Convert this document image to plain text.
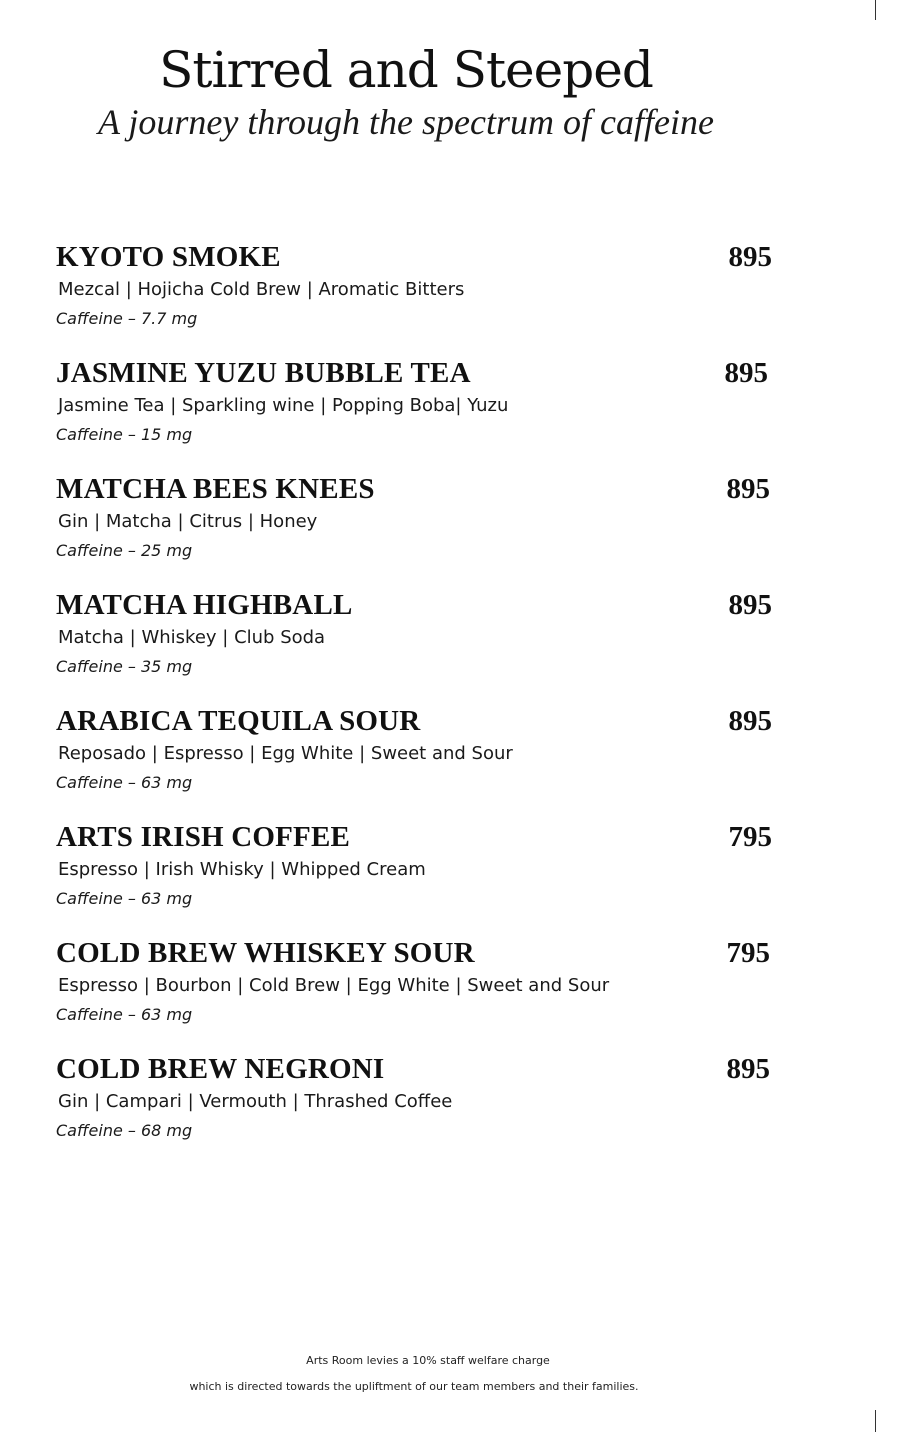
Stirred and Steeped

A journey through the spectrum of caffeine

KYOTO SMOKE	895
Mezcal | Hojicha Cold Brew | Aromatic Bitters
Caffeine – 7.7 mg
JASMINE YUZU BUBBLE TEA	895
Jasmine Tea | Sparkling wine | Popping Boba| Yuzu
Caffeine – 15 mg
MATCHA BEES KNEES	895
Gin | Matcha | Citrus | Honey
Caffeine – 25 mg
MATCHA HIGHBALL	895
Matcha | Whiskey | Club Soda
Caffeine – 35 mg
ARABICA TEQUILA SOUR	895
Reposado | Espresso | Egg White | Sweet and Sour
Caffeine – 63 mg
ARTS IRISH COFFEE	795
Espresso | Irish Whisky | Whipped Cream
Caffeine – 63 mg
COLD BREW WHISKEY SOUR	795
Espresso | Bourbon | Cold Brew | Egg White | Sweet and Sour
Caffeine – 63 mg
COLD BREW NEGRONI	895
Gin | Campari | Vermouth | Thrashed Coffee
Caffeine – 68 mg
Arts Room levies a 10% staff welfare charge
which is directed towards the upliftment of our team members and their families.
